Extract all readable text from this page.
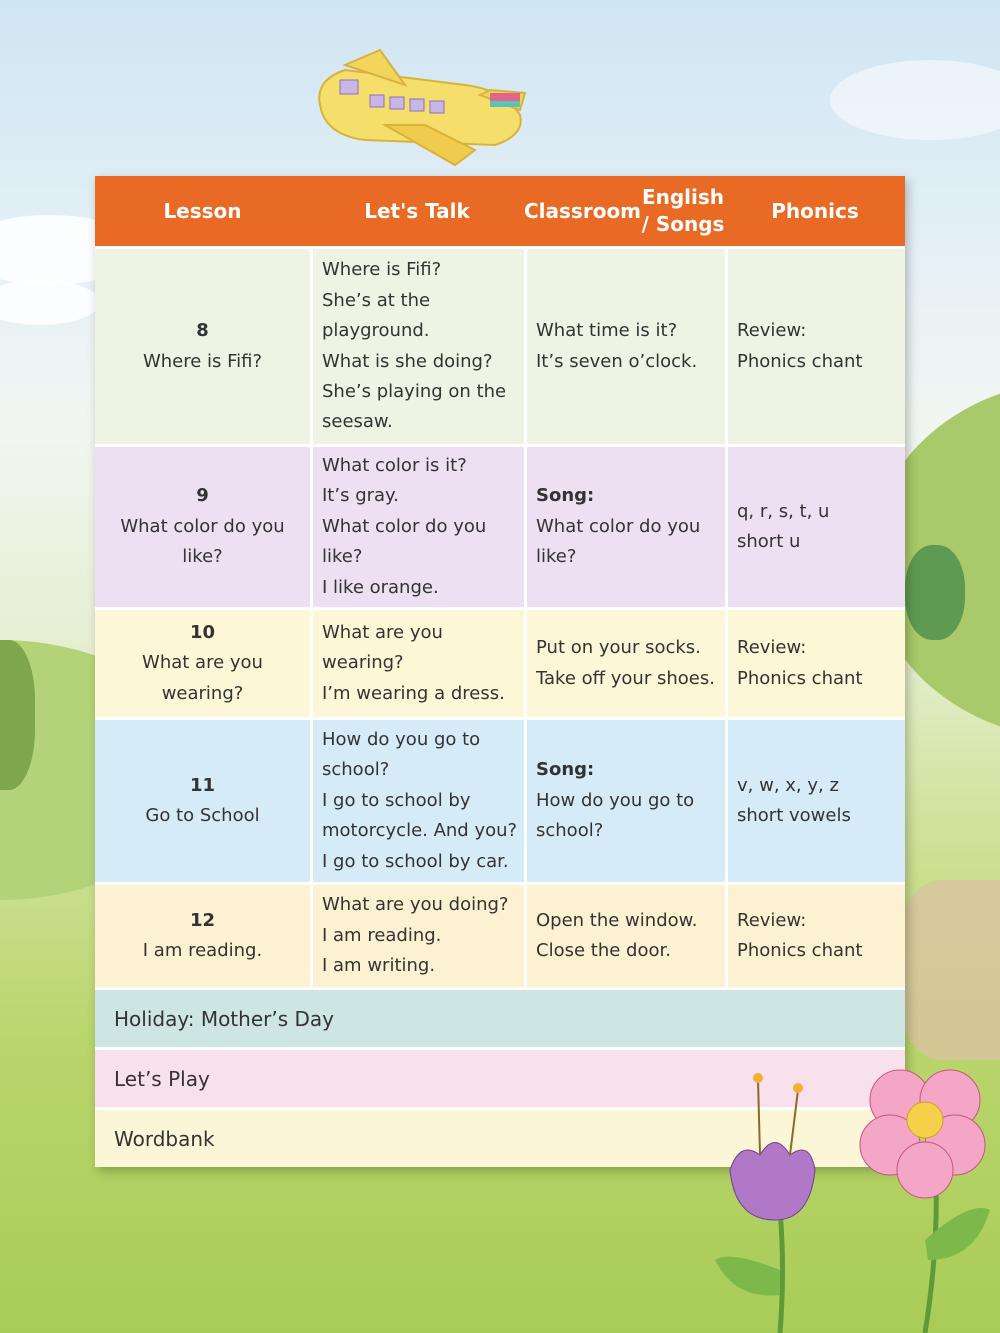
Lesson	Let's Talk	Classroom
English / Songs
Phonics
8
Where is Fifi?
Where is Fifi?
She’s at the
playground.
What is she doing?
She’s playing on the
seesaw.
What time is it?
It’s seven o’clock.
Review:
Phonics chant
9
What color do you
like?
What color is it?
It’s gray.
What color do you
like?
I like orange.
Song:
What color do you
like?
q, r, s, t, u
short u
10
What are you
wearing?
What are you
wearing?
I’m wearing a dress.
Put on your socks.
Take off your shoes.
Review:
Phonics chant
11
Go to School
How do you go to
school?
I go to school by
motorcycle. And you?
I go to school by car.
Song:
How do you go to
school?
v, w, x, y, z
short vowels
12
I am reading.
What are you doing?
I am reading.
I am writing.
Open the window.
Close the door.
Review:
Phonics chant
Holiday: Mother’s Day
Let’s Play
Wordbank
